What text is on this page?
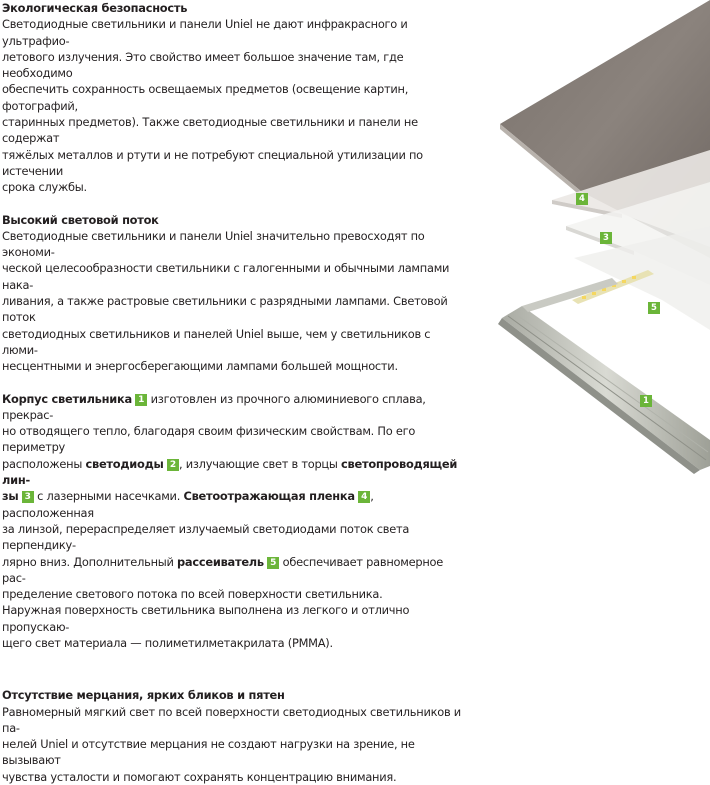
Экологическая безопасность

Светодиодные светильники и панели Uniel не дают инфракрасного и ультрафио-

летового излучения. Это свойство имеет большое значение там, где необходимо

обеспечить сохранность освещаемых предметов (освещение картин, фотографий,

старинных предметов). Также светодиодные светильники и панели не содержат

тяжёлых металлов и ртути и не потребуют специальной утилизации по истечении

срока службы.

Высокий световой поток

Светодиодные светильники и панели Uniel значительно превосходят по экономи-

ческой целесообразности светильники с галогенными и обычными лампами нака-

ливания, а также растровые светильники с разрядными лампами. Световой поток

светодиодных светильников и панелей Uniel выше, чем у светильников с люми-

несцентными и энергосберегающими лампами большей мощности.

Корпус светильника 1 изготовлен из прочного алюминиевого сплава, прекрас-

но отводящего тепло, благодаря своим физическим свойствам. По его периметру

расположены светодиоды 2 , излучающие свет в торцы светопроводящей лин-

зы 3 с лазерными насечками. Светоотражающая пленка 4 , расположенная

за линзой, перераспределяет излучаемый светодиодами поток света перпендику-

лярно вниз. Дополнительный рассеиватель 5 обеспечивает равномерное рас-

пределение светового потока по всей поверхности светильника.

Наружная поверхность светильника выполнена из легкого и отлично пропускаю-

щего свет материала — полиметилметакрилата (PMMA).

Отсутствие мерцания, ярких бликов и пятен

Равномерный мягкий свет по всей поверхности светодиодных светильников и па-

нелей Uniel и отсутствие мерцания не создают нагрузки на зрение, не вызывают

чувства усталости и помогают сохранять концентрацию внимания.

4
3
5
1
